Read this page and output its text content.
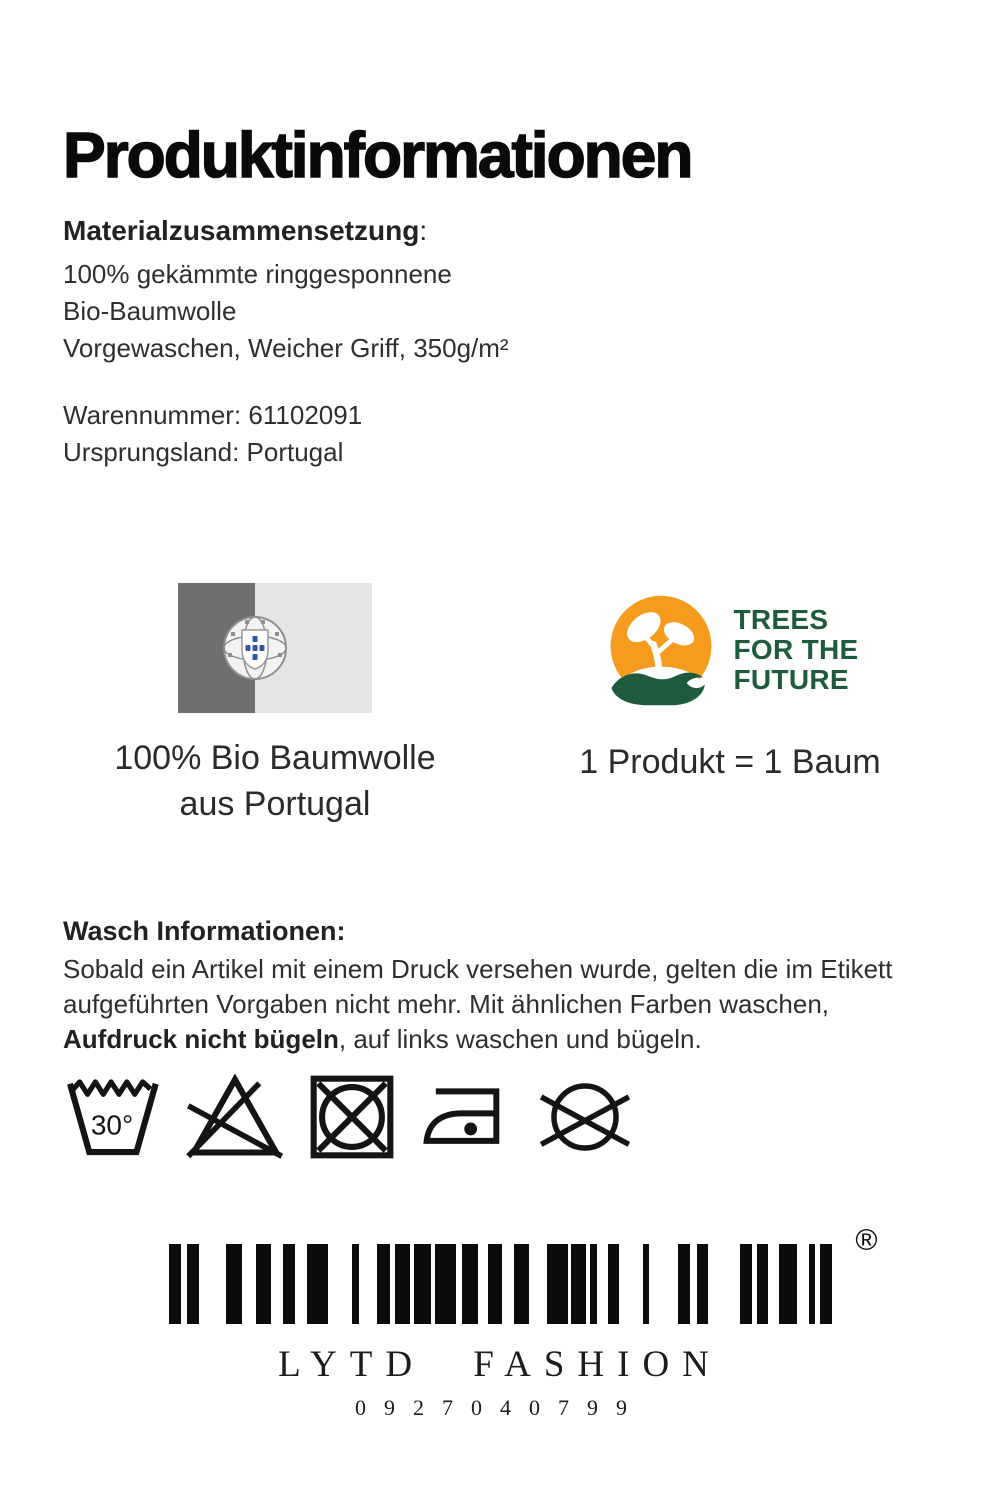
Produktinformationen
Materialzusammensetzung:
100% gekämmte ringgesponnene
Bio-Baumwolle
Vorgewaschen, Weicher Griff, 350g/m²
Warennummer: 61102091
Ursprungsland: Portugal
100% Bio Baumwolle
aus Portugal
TREES
FOR THE
FUTURE
1 Produkt = 1 Baum
Wasch Informationen:

Sobald ein Artikel mit einem Druck versehen wurde, gelten die im Etikett aufgeführten Vorgaben nicht mehr. Mit ähnlichen Farben waschen, Aufdruck nicht bügeln, auf links waschen und bügeln.

30°
®
LYTD FASHION
0927040799
